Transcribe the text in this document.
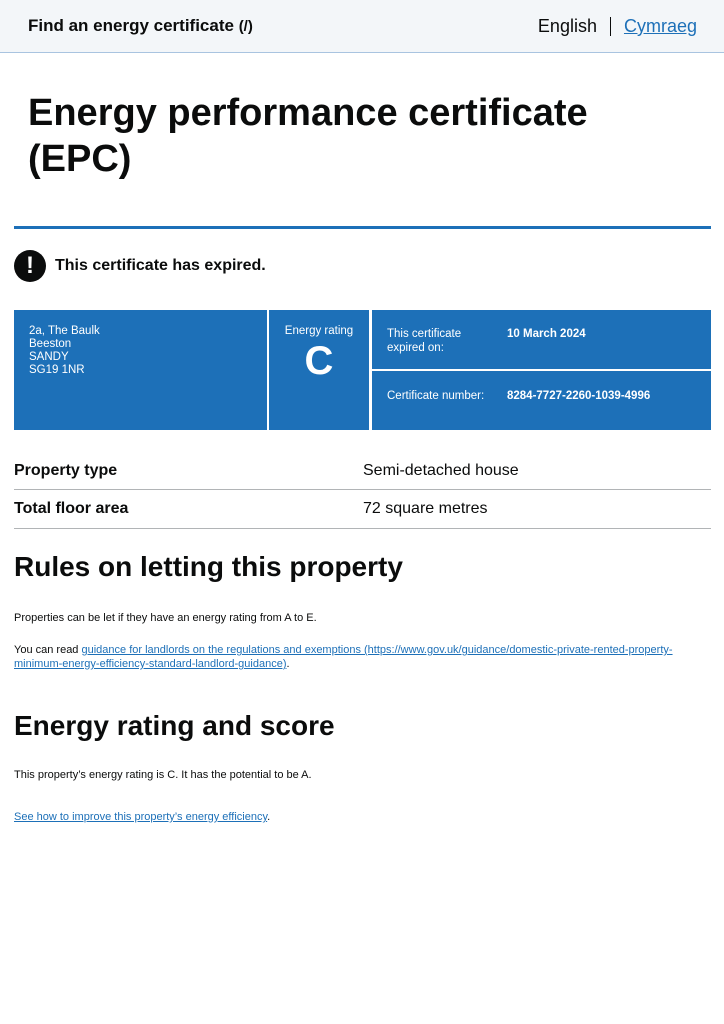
Find an energy certificate (/)	English Cymraeg
Energy performance certificate (EPC)
!	This certificate has expired.
2a, The Baulk
Beeston
SANDY
SG19 1NR
Energy rating
C
This certificate expired on:
10 March 2024
Certificate number: 8284-7727-2260-1039-4996
Property type	Semi-detached house
Total floor area	72 square metres
Rules on letting this property

Properties can be let if they have an energy rating from A to E.

You can read guidance for landlords on the regulations and exemptions (https://www.gov.uk/guidance/domestic-private-rented-property-minimum-energy-efficiency-standard-landlord-guidance).

Energy rating and score

This property’s energy rating is C. It has the potential to be A.

See how to improve this property’s energy efficiency.
